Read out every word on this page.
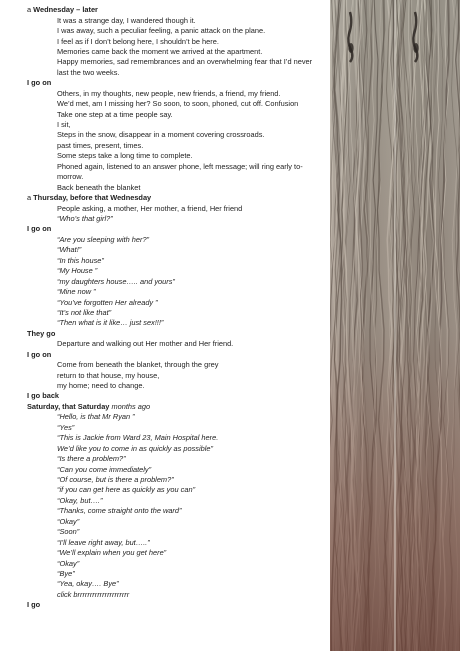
a Wednesday – later
It was a strange day, I wandered though it.
I was away, such a peculiar feeling, a panic attack on the plane.
I feel as if I don’t belong here, I shouldn’t be here.
Memories came back the moment we arrived at the apartment.
Happy memories, sad remembrances and an overwhelming fear that I’d never
last the two weeks.
I go on
Others, in my thoughts, new people, new friends, a friend, my friend.
We’d met, am I missing her? So soon, to soon, phoned, cut off. Confusion
Take one step at a time people say.
I sit,
Steps in the snow, disappear in a moment covering crossroads.
past times, present, times.
Some steps take a long time to complete.
Phoned again, listened to an answer phone, left message; will ring early to-
morrow.
Back beneath the blanket
a Thursday, before that Wednesday
People asking, a mother, Her mother, a friend, Her friend
“Who’s that girl?”
I go on
“Are you sleeping with her?”
“What!”
“In this house”
“My House ”
“my daughters house….. and yours”
“Mine now ”
“You’ve forgotten Her already ”
“It’s not like that”
“Then what is it like… just sex!!!”
They go
Departure and walking out Her mother and Her friend.
I go on
Come from beneath the blanket, through the grey
return to that house, my house,
my home; need to change.
I go back
Saturday, that Saturday months ago
“Hello, is that Mr Ryan ”
“Yes”
“This is Jackie from Ward 23, Main Hospital here.
We’d like you to come in as quickly as possible”
“Is there a problem?”
“Can you come immediately”
“Of course, but is there a problem?”
“if you can get here as quickly as you can”
“Okay, but….”
“Thanks, come straight onto the ward”
“Okay”
“Soon”
“I’ll leave right away, but…..”
“We’ll explain when you get here”
“Okay”
“Bye”
“Yea, okay…. Bye”
click brrrrrrrrrrrrrrrrrrrrr
I go
